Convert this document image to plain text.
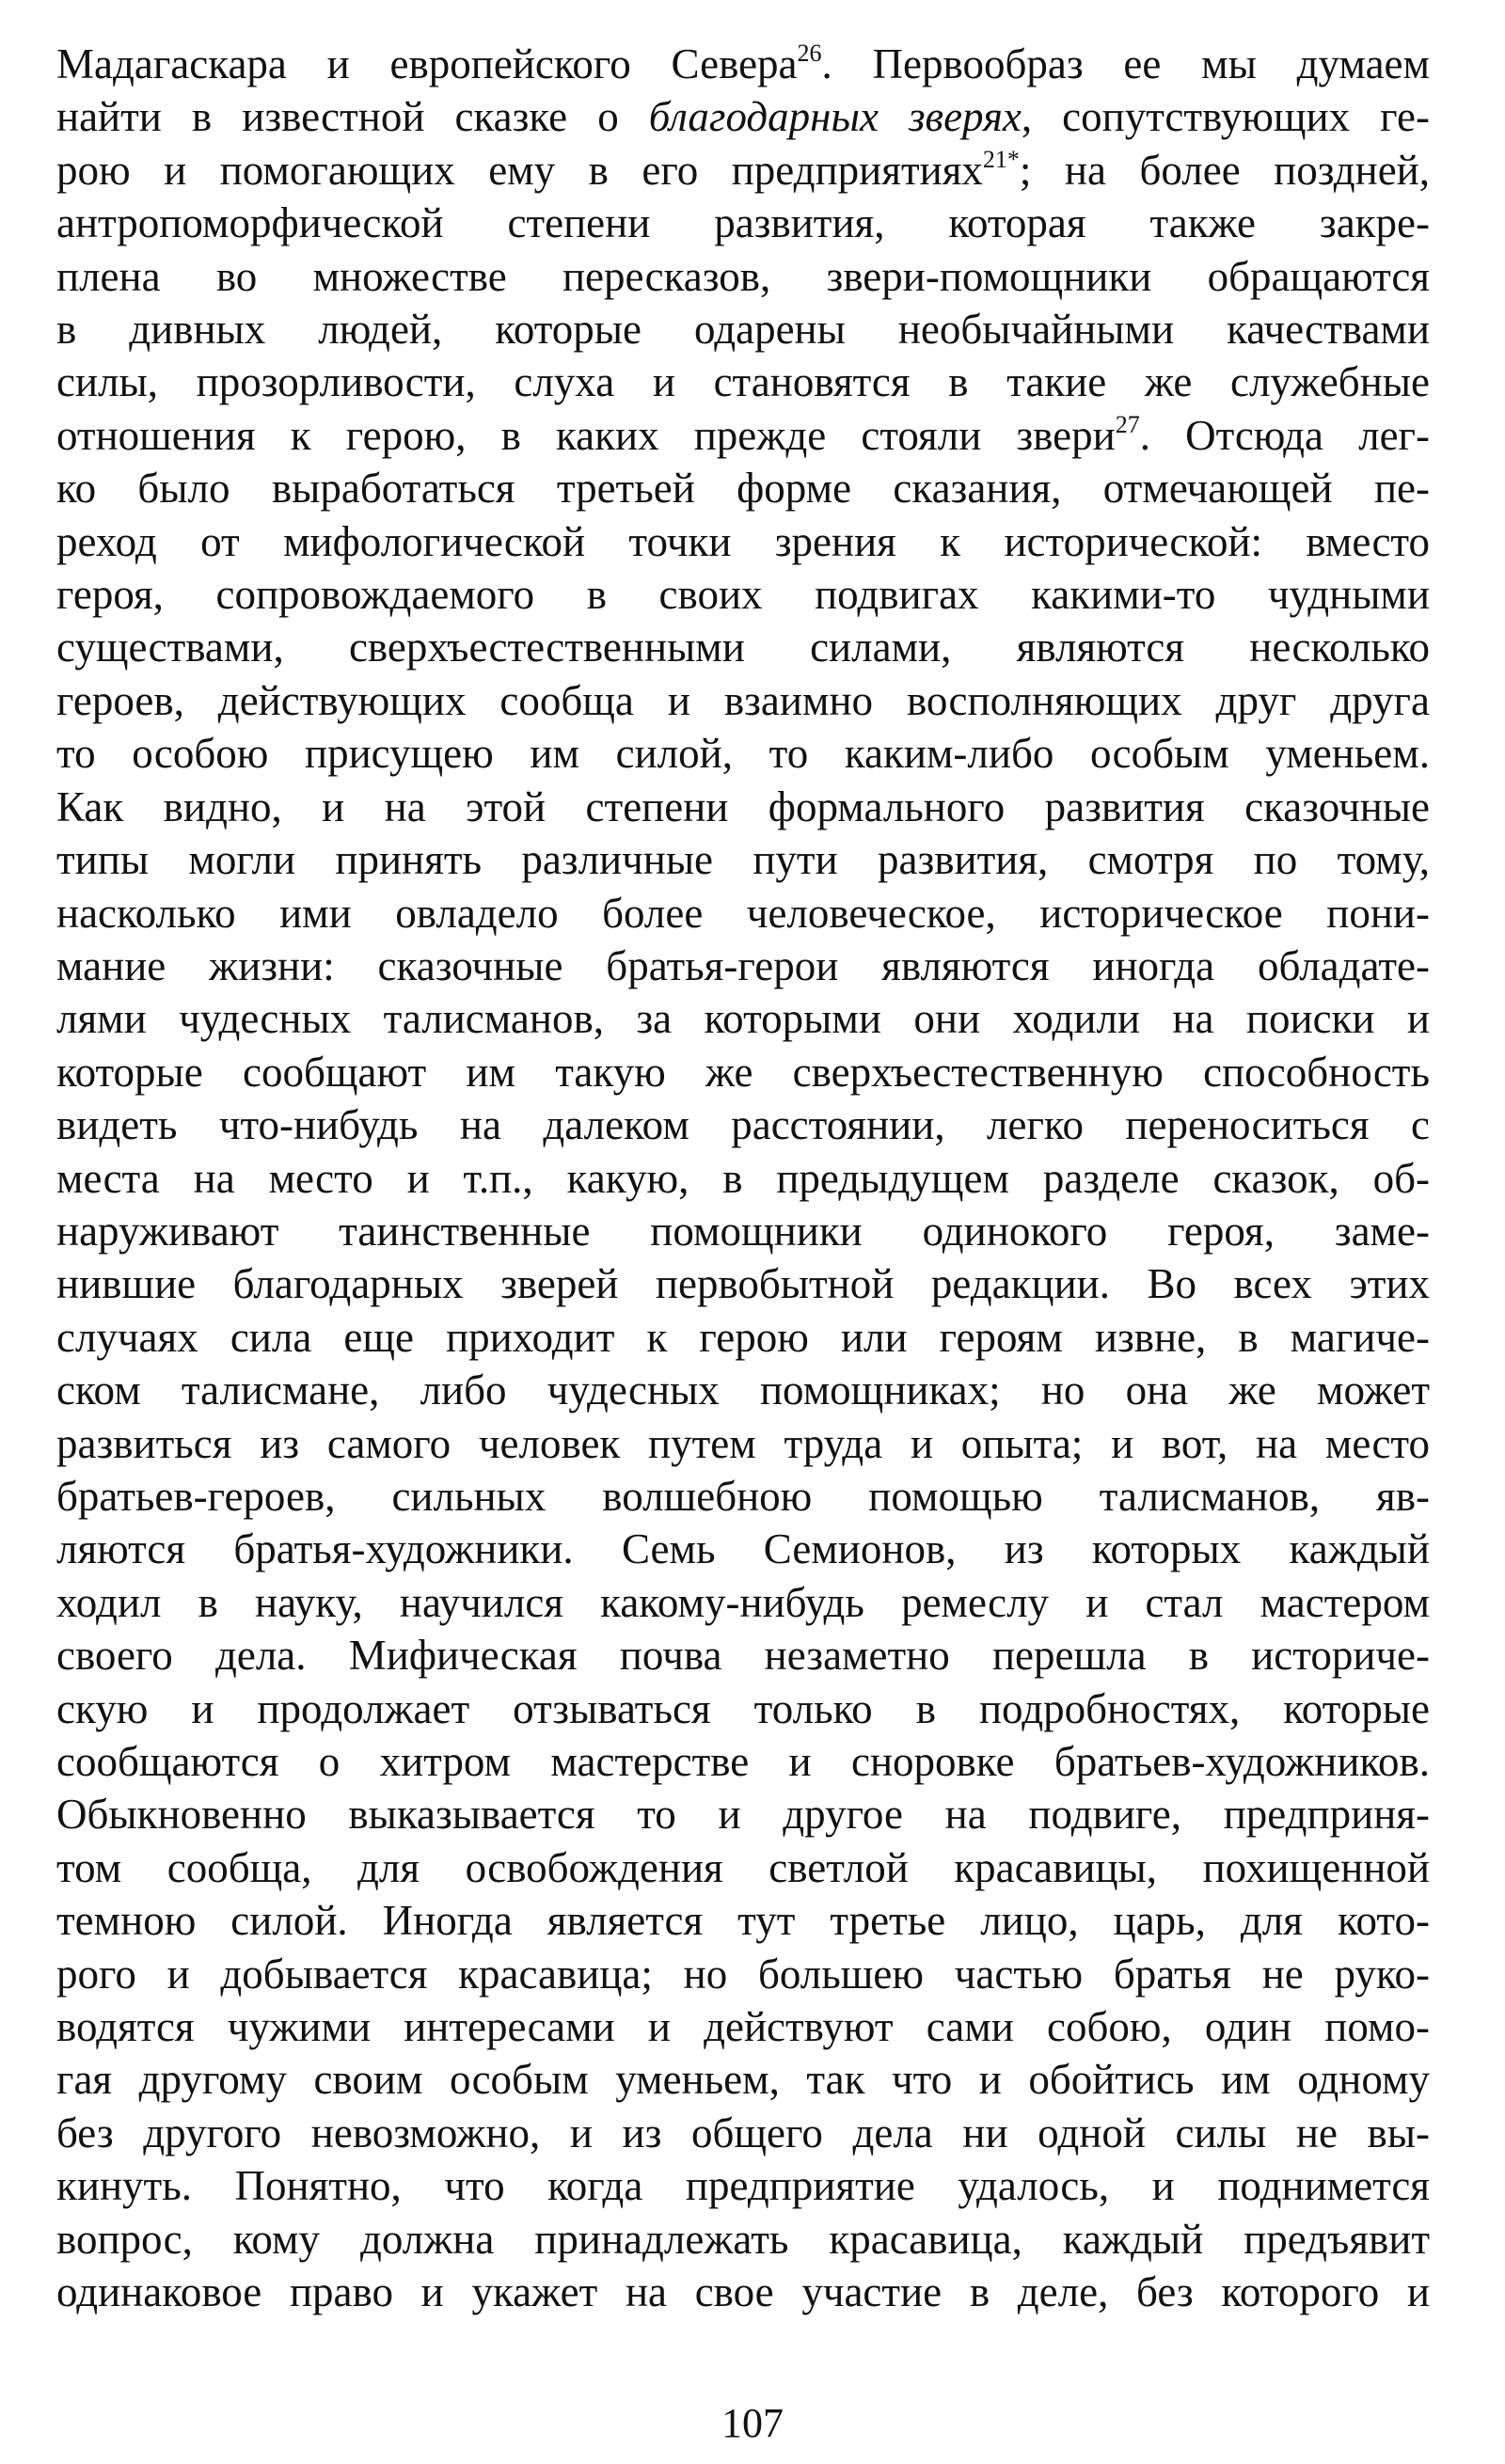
Мадагаскара и европейского Севера$^{26}$. Первообраз ее мы думаем
найти в известной сказке о благодарных зверях, сопутствующих ге-
рою и помогающих ему в его предприятиях$^{21*}$; на более поздней,
антропоморфической степени развития, которая также закре-
плена во множестве пересказов, звери-помощники обращаются
в дивных людей, которые одарены необычайными качествами
силы, прозорливости, слуха и становятся в такие же служебные
отношения к герою, в каких прежде стояли звери$^{27}$. Отсюда лег-
ко было выработаться третьей форме сказания, отмечающей пе-
реход от мифологической точки зрения к исторической: вместо
героя, сопровождаемого в своих подвигах какими-то чудными
существами, сверхъестественными силами, являются несколько
героев, действующих сообща и взаимно восполняющих друг друга
то особою присущею им силой, то каким-либо особым уменьем.
Как видно, и на этой степени формального развития сказочные
типы могли принять различные пути развития, смотря по тому,
насколько ими овладело более человеческое, историческое пони-
мание жизни: сказочные братья-герои являются иногда обладате-
лями чудесных талисманов, за которыми они ходили на поиски и
которые сообщают им такую же сверхъестественную способность
видеть что-нибудь на далеком расстоянии, легко переноситься с
места на место и т.п., какую, в предыдущем разделе сказок, об-
наруживают таинственные помощники одинокого героя, заме-
нившие благодарных зверей первобытной редакции. Во всех этих
случаях сила еще приходит к герою или героям извне, в магиче-
ском талисмане, либо чудесных помощниках; но она же может
развиться из самого человек путем труда и опыта; и вот, на место
братьев-героев, сильных волшебною помощью талисманов, яв-
ляются братья-художники. Семь Семионов, из которых каждый
ходил в науку, научился какому-нибудь ремеслу и стал мастером
своего дела. Мифическая почва незаметно перешла в историче-
скую и продолжает отзываться только в подробностях, которые
сообщаются о хитром мастерстве и сноровке братьев-художников.
Обыкновенно выказывается то и другое на подвиге, предприня-
том сообща, для освобождения светлой красавицы, похищенной
темною силой. Иногда является тут третье лицо, царь, для кото-
рого и добывается красавица; но большею частью братья не руко-
водятся чужими интересами и действуют сами собою, один помо-
гая другому своим особым уменьем, так что и обойтись им одному
без другого невозможно, и из общего дела ни одной силы не вы-
кинуть. Понятно, что когда предприятие удалось, и поднимется
вопрос, кому должна принадлежать красавица, каждый предъявит
одинаковое право и укажет на свое участие в деле, без которого и
107
